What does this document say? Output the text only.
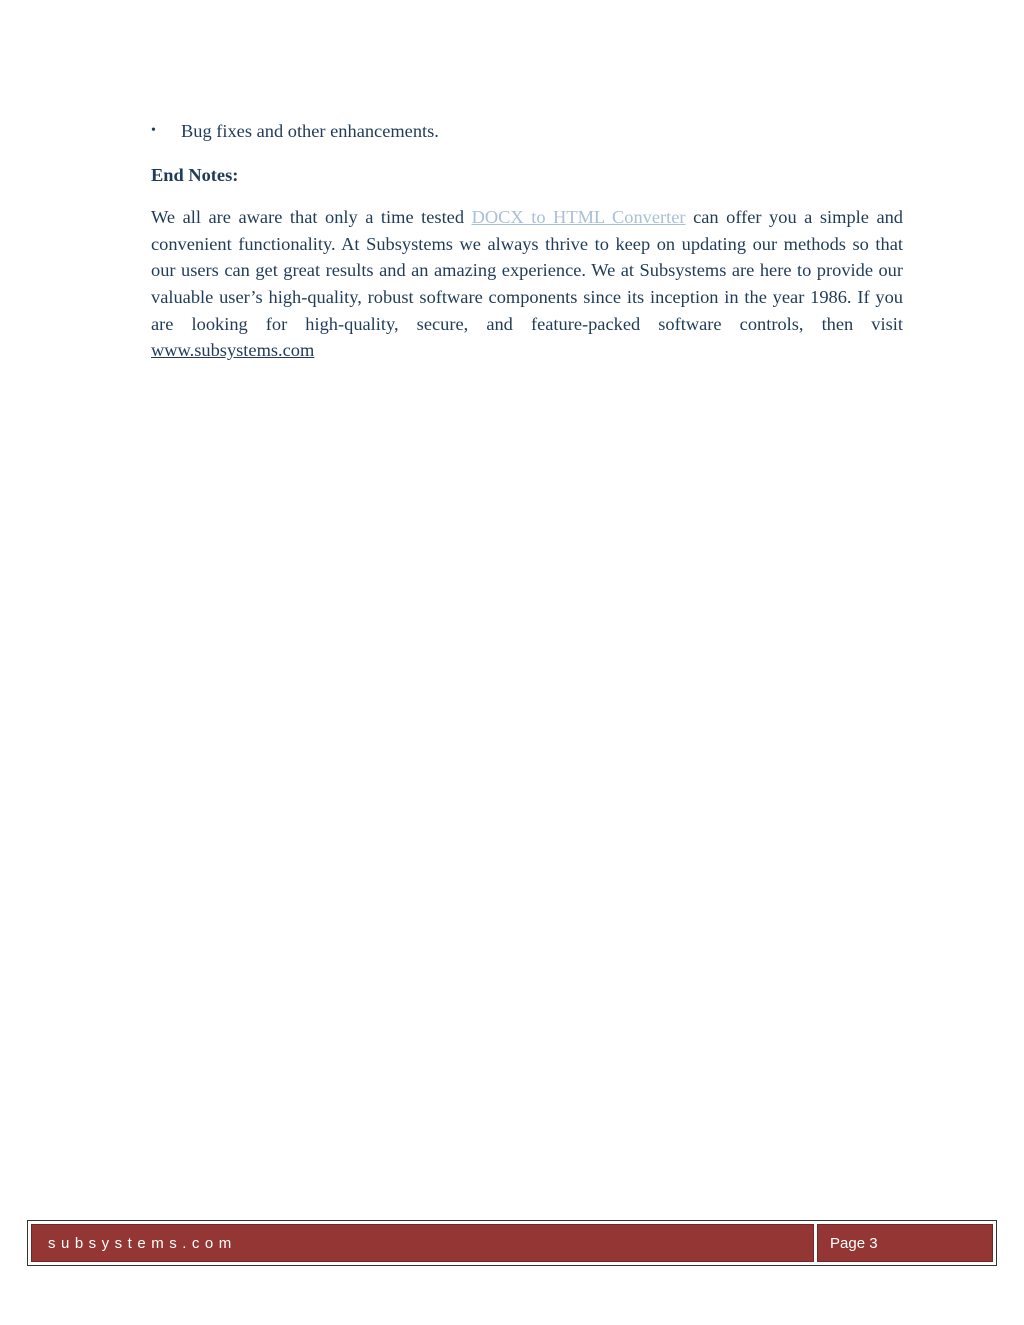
• Bug fixes and other enhancements.
End Notes:

We all are aware that only a time tested DOCX to HTML Converter can offer you a simple and convenient functionality. At Subsystems we always thrive to keep on updating our methods so that our users can get great results and an amazing experience. We at Subsystems are here to provide our valuable user’s high-quality, robust software components since its inception in the year 1986. If you are looking for high-quality, secure, and feature-packed software controls, then visit www.subsystems.com

subsystems.com	Page 3
